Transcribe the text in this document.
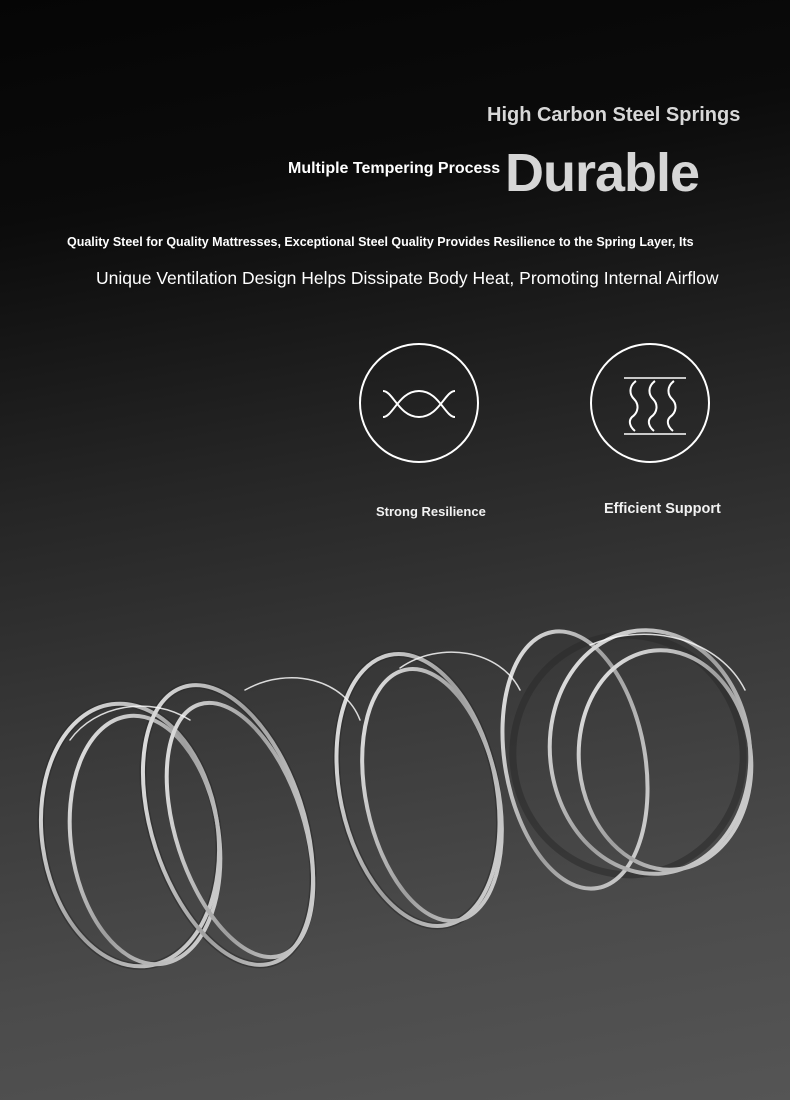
High Carbon Steel Springs

Multiple Tempering Process Durable

Quality Steel for Quality Mattresses, Exceptional Steel Quality Provides Resilience to the Spring Layer, Its

Unique Ventilation Design Helps Dissipate Body Heat, Promoting Internal Airflow

Strong Resilience	Efficient Support
